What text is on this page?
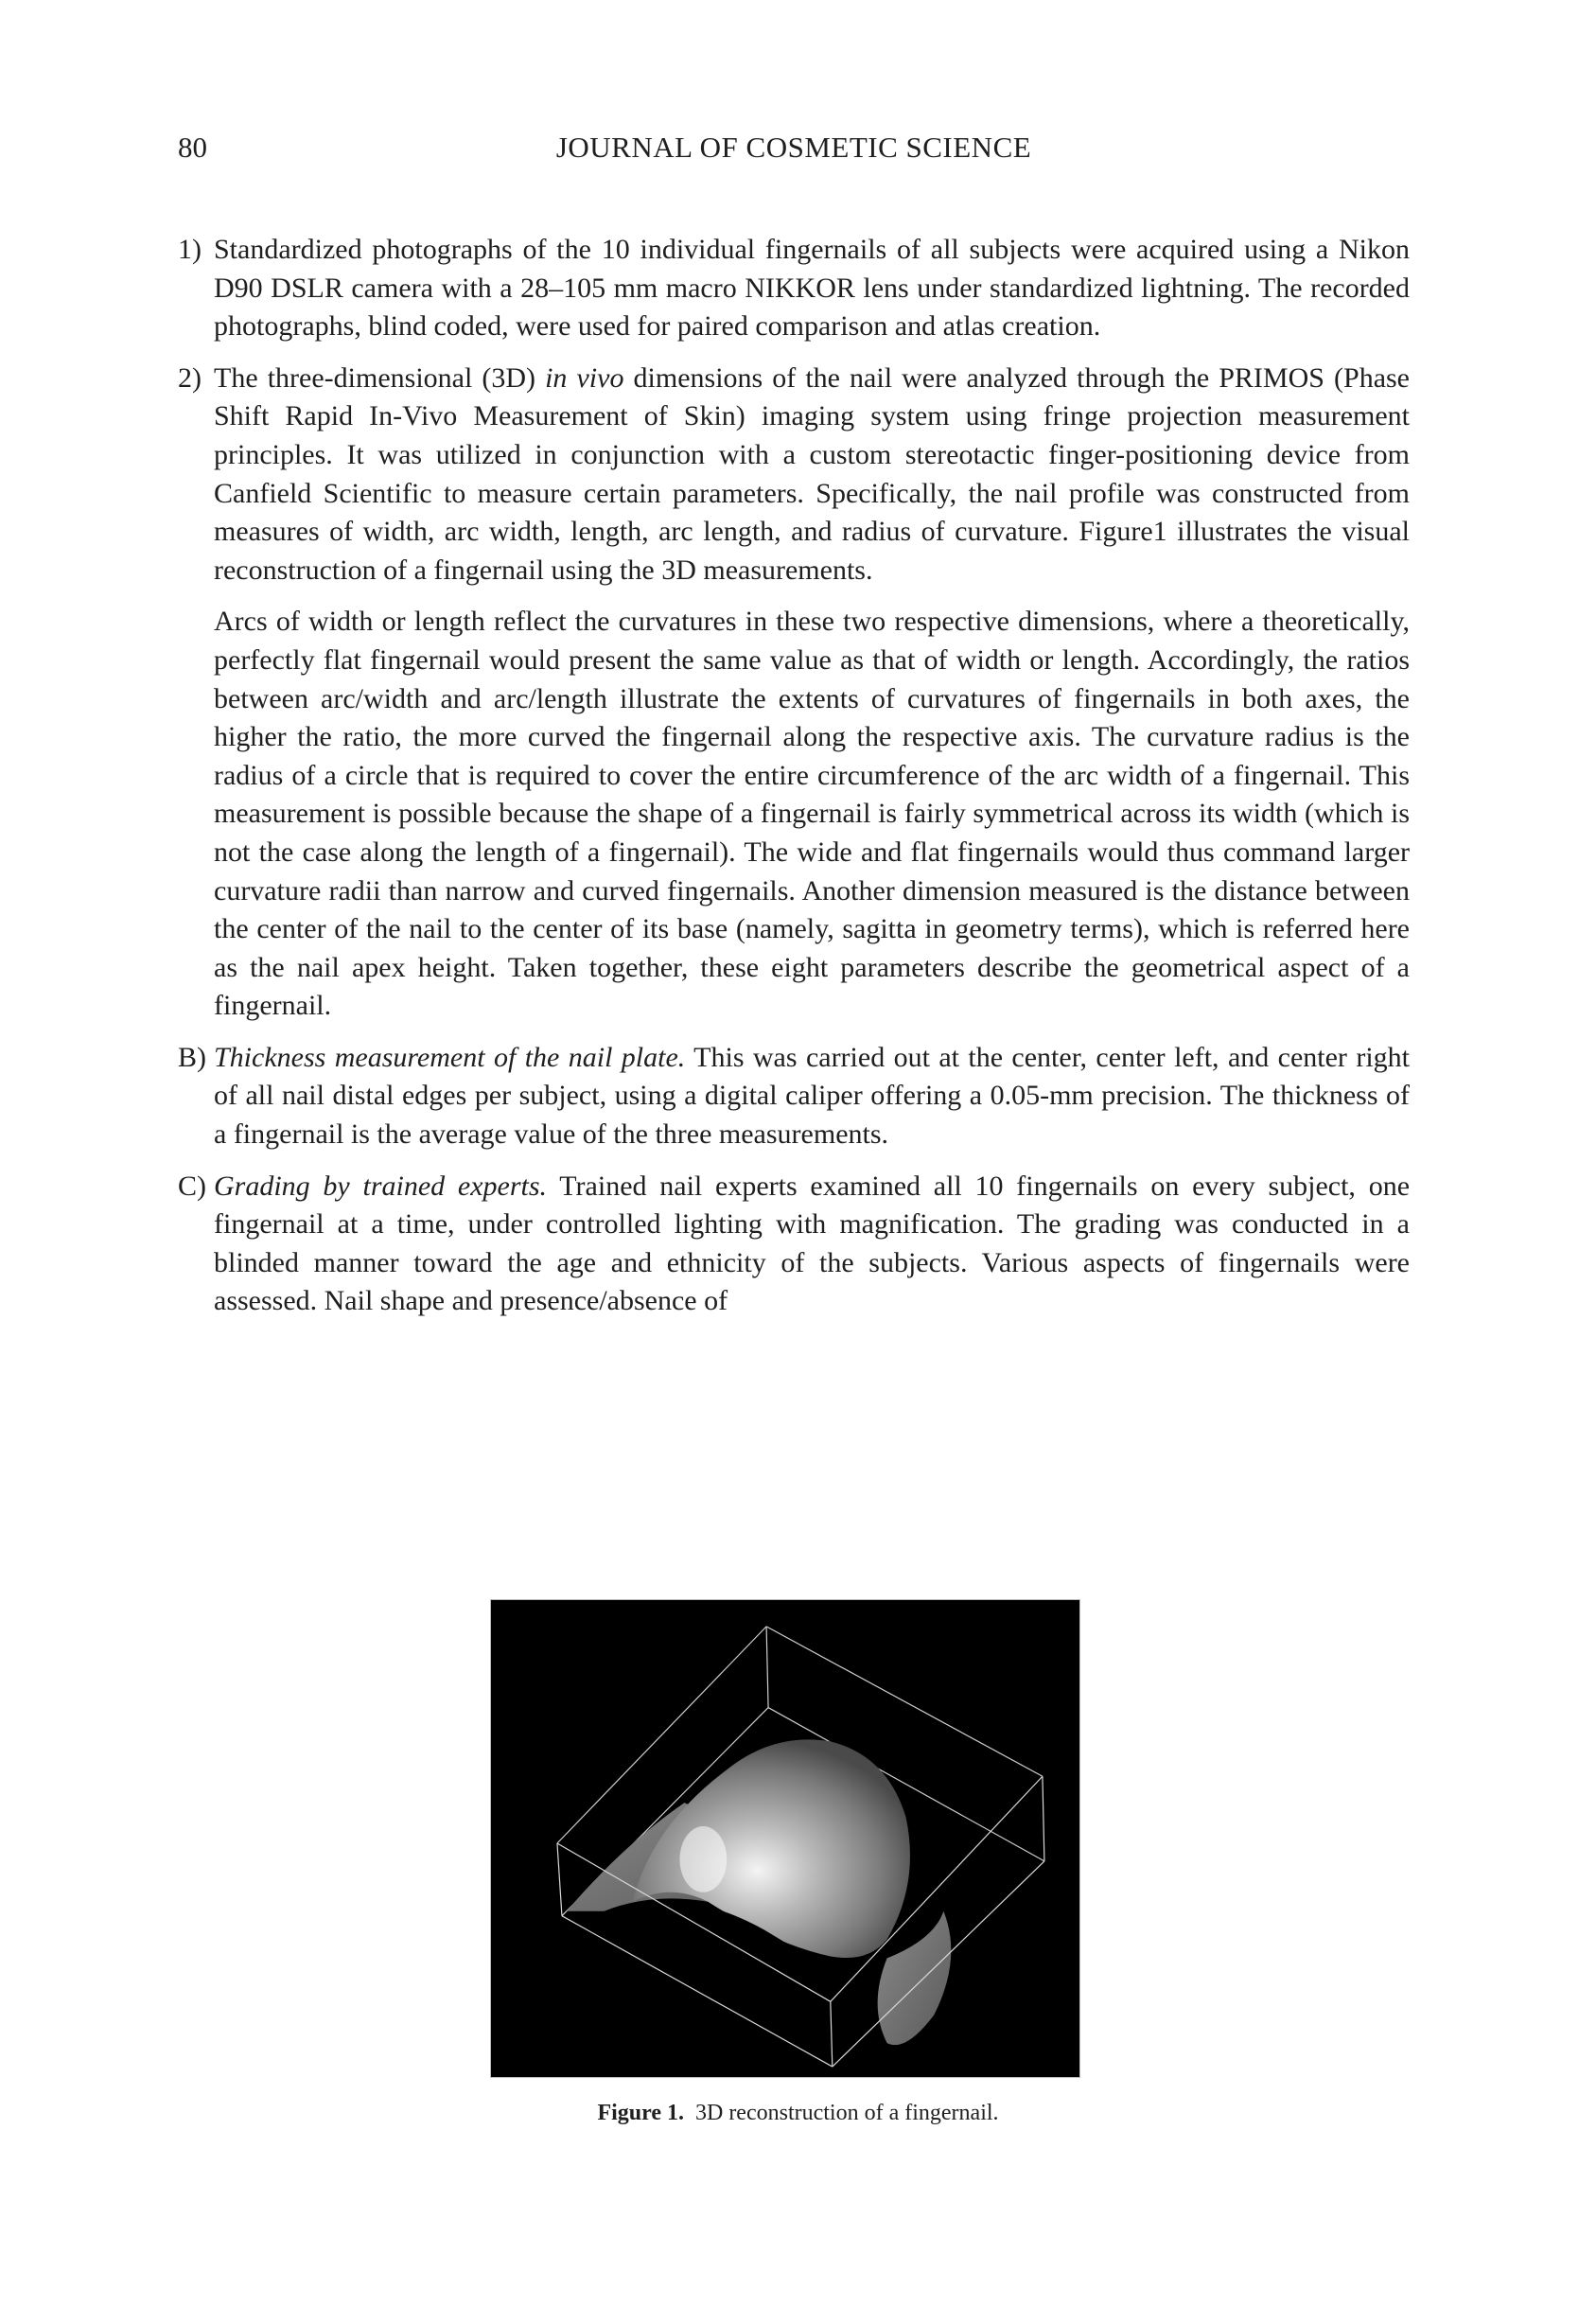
80	JOURNAL OF COSMETIC SCIENCE
1) Standardized photographs of the 10 individual fingernails of all subjects were acquired using a Nikon D90 DSLR camera with a 28–105 mm macro NIKKOR lens under standardized lightning. The recorded photographs, blind coded, were used for paired comparison and atlas creation.

2) The three-dimensional (3D) in vivo dimensions of the nail were analyzed through the PRIMOS (Phase Shift Rapid In-Vivo Measurement of Skin) imaging system using fringe projection measurement principles. It was utilized in conjunction with a custom stereotactic finger-positioning device from Canfield Scientific to measure certain parameters. Specifically, the nail profile was constructed from measures of width, arc width, length, arc length, and radius of curvature. Figure1 illustrates the visual reconstruction of a fingernail using the 3D measurements.

Arcs of width or length reflect the curvatures in these two respective dimensions, where a theoretically, perfectly flat fingernail would present the same value as that of width or length. Accordingly, the ratios between arc/width and arc/length illustrate the extents of curvatures of fingernails in both axes, the higher the ratio, the more curved the fingernail along the respective axis. The curvature radius is the radius of a circle that is required to cover the entire circumference of the arc width of a fingernail. This measurement is possible because the shape of a fingernail is fairly symmetrical across its width (which is not the case along the length of a fingernail). The wide and flat fingernails would thus command larger curvature radii than narrow and curved fingernails. Another dimension measured is the distance between the center of the nail to the center of its base (namely, sagitta in geometry terms), which is referred here as the nail apex height. Taken together, these eight parameters describe the geometrical aspect of a fingernail.

B) Thickness measurement of the nail plate. This was carried out at the center, center left, and center right of all nail distal edges per subject, using a digital caliper offering a 0.05-mm precision. The thickness of a fingernail is the average value of the three measurements.

C) Grading by trained experts. Trained nail experts examined all 10 fingernails on every subject, one fingernail at a time, under controlled lighting with magnification. The grading was conducted in a blinded manner toward the age and ethnicity of the subjects. Various aspects of fingernails were assessed. Nail shape and presence/absence of

Figure 1. 3D reconstruction of a fingernail.
